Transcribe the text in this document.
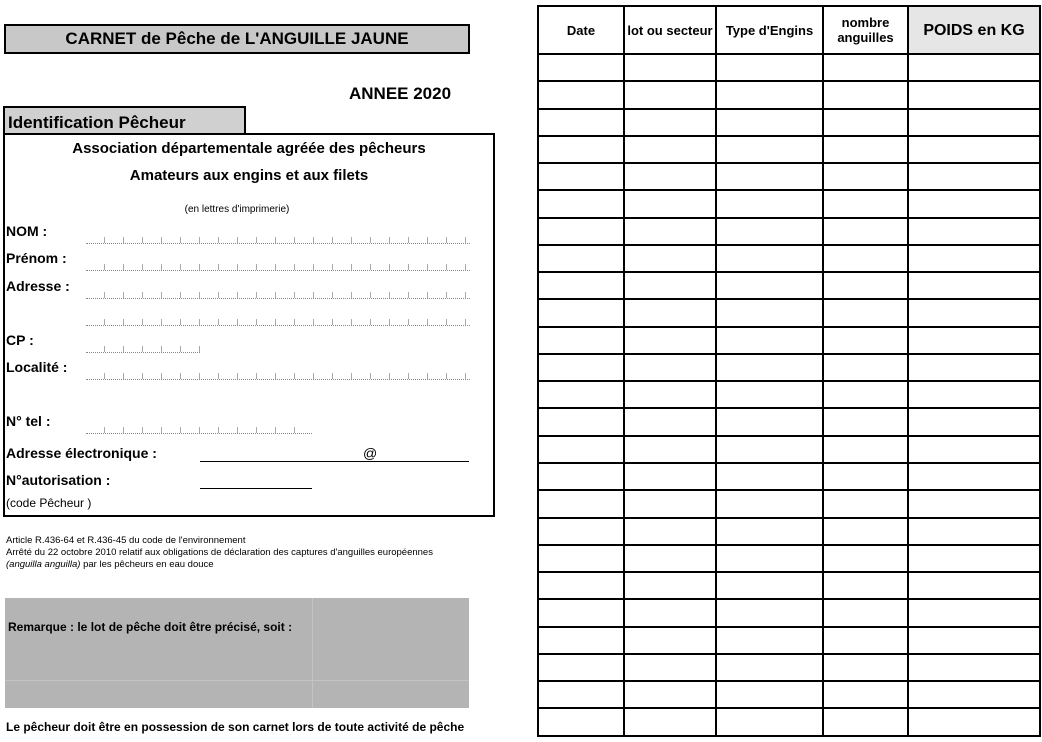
CARNET de Pêche de L'ANGUILLE JAUNE
ANNEE 2020
Identification Pêcheur
Association départementale agréée des pêcheurs
Amateurs aux engins et aux filets
(en lettres d'imprimerie)
NOM :
Prénom :
Adresse :
CP :
Localité :
N° tel :
Adresse électronique :	@
N°autorisation :
(code Pêcheur )
Article R.436-64 et R.436-45 du code de l'environnement
Arrêté du 22 octobre 2010 relatif aux obligations de déclaration des captures d'anguilles européennes
(anguilla anguilla) par les pêcheurs en eau douce
Remarque : le lot de pêche doit être précisé, soit :
Le pêcheur doit être en possession de son carnet lors de toute activité de pêche
Date	lot ou secteur	Type d'Engins	nombre anguilles	POIDS en KG
